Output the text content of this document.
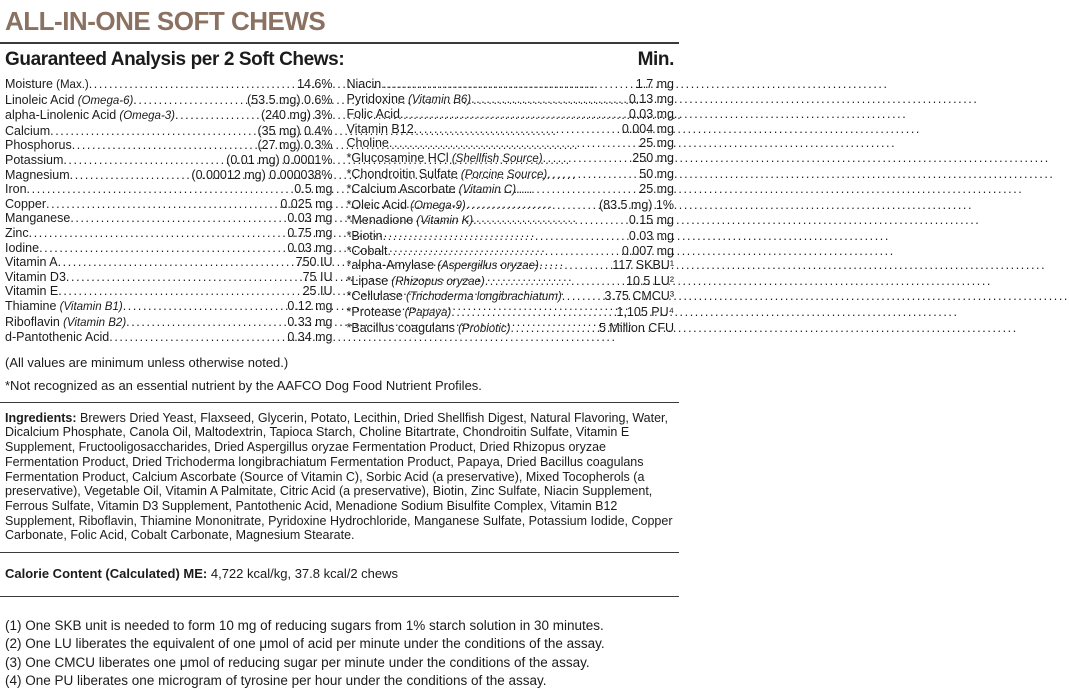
ALL-IN-ONE SOFT CHEWS
Guaranteed Analysis per 2 Soft Chews:	Min.
Moisture (Max.) .....	14.6%
Linoleic Acid (Omega-6) .....	(53.5 mg) 0.6%
alpha-Linolenic Acid (Omega-3) .....	(240 mg) 3%
Calcium .....	(35 mg) 0.4%
Phosphorus .....	(27 mg) 0.3%
Potassium .....	(0.01 mg) 0.0001%
Magnesium .....	(0.00012 mg) 0.000038%
Iron .....	0.5 mg
Copper .....	0.025 mg
Manganese .....	0.03 mg
Zinc .....	0.75 mg
Iodine .....	0.03 mg
Vitamin A .....	750 IU
Vitamin D3 .....	75 IU
Vitamin E .....	25 IU
Thiamine (Vitamin B1) .....	0.12 mg
Riboflavin (Vitamin B2) .....	0.33 mg
d-Pantothenic Acid .....	0.34 mg
Niacin .....	1.7 mg
Pyridoxine (Vitamin B6) .....	0.13 mg
Folic Acid .....	0.03 mg
Vitamin B12 .....	0.004 mg
Choline .....	25 mg
*Glucosamine HCl (Shellfish Source) .....	250 mg
*Chondroitin Sulfate (Porcine Source) .....	50 mg
*Calcium Ascorbate (Vitamin C) .....	25 mg
*Oleic Acid (Omega-9) .....	(83.5 mg) 1%
*Menadione (Vitamin K) .....	0.15 mg
*Biotin .....	0.03 mg
*Cobalt .....	0.007 mg
*alpha-Amylase (Aspergillus oryzae) .....	117 SKBU¹
*Lipase (Rhizopus oryzae) .....	10.5 LU²
*Cellulase (Trichoderma longibrachiatum) .....	3.75 CMCU³
*Protease (Papaya) .....	1,105 PU⁴
*Bacillus coagulans (Probiotic) .....	5 Million CFU
(All values are minimum unless otherwise noted.)
*Not recognized as an essential nutrient by the AAFCO Dog Food Nutrient Profiles.
Ingredients: Brewers Dried Yeast, Flaxseed, Glycerin, Potato, Lecithin, Dried Shellfish Digest, Natural Flavoring, Water, Dicalcium Phosphate, Canola Oil, Maltodextrin, Tapioca Starch, Choline Bitartrate, Chondroitin Sulfate, Vitamin E Supplement, Fructooligosaccharides, Dried Aspergillus oryzae Fermentation Product, Dried Rhizopus oryzae Fermentation Product, Dried Trichoderma longibrachiatum Fermentation Product, Papaya, Dried Bacillus coagulans Fermentation Product, Calcium Ascorbate (Source of Vitamin C), Sorbic Acid (a preservative), Mixed Tocopherols (a preservative), Vegetable Oil, Vitamin A Palmitate, Citric Acid (a preservative), Biotin, Zinc Sulfate, Niacin Supplement, Ferrous Sulfate, Vitamin D3 Supplement, Pantothenic Acid, Menadione Sodium Bisulfite Complex, Vitamin B12 Supplement, Riboflavin, Thiamine Mononitrate, Pyridoxine Hydrochloride, Manganese Sulfate, Potassium Iodide, Copper Carbonate, Folic Acid, Cobalt Carbonate, Magnesium Stearate.
Calorie Content (Calculated) ME: 4,722 kcal/kg, 37.8 kcal/2 chews
(1) One SKB unit is needed to form 10 mg of reducing sugars from 1% starch solution in 30 minutes.
(2) One LU liberates the equivalent of one μmol of acid per minute under the conditions of the assay.
(3) One CMCU liberates one μmol of reducing sugar per minute under the conditions of the assay.
(4) One PU liberates one microgram of tyrosine per hour under the conditions of the assay.
